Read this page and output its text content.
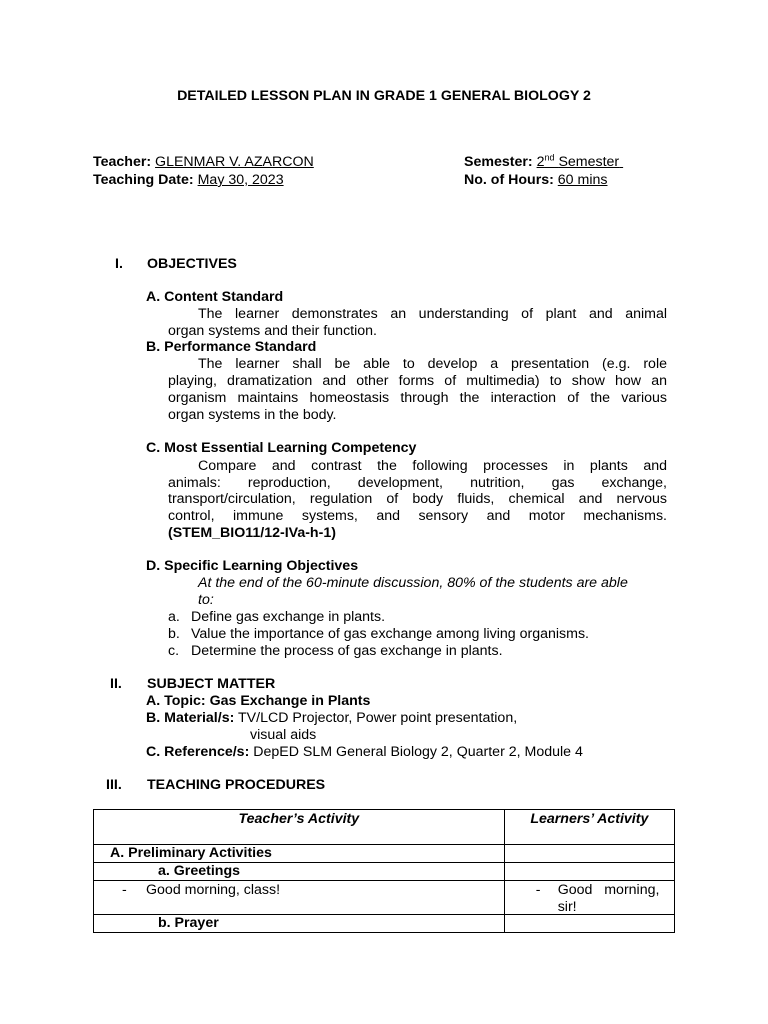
DETAILED LESSON PLAN IN GRADE 1 GENERAL BIOLOGY 2
Teacher: GLENMAR V. AZARCON
Teaching Date: May 30, 2023
Semester: 2nd Semester
No. of Hours: 60 mins
I. OBJECTIVES
A. Content Standard
The learner demonstrates an understanding of plant and animal
organ systems and their function.
B. Performance Standard
The learner shall be able to develop a presentation (e.g. role
playing, dramatization and other forms of multimedia) to show how an
organism maintains homeostasis through the interaction of the various
organ systems in the body.
C. Most Essential Learning Competency
Compare and contrast the following processes in plants and
animals: reproduction, development, nutrition, gas exchange,
transport/circulation, regulation of body fluids, chemical and nervous
control, immune systems, and sensory and motor mechanisms.
(STEM_BIO11/12-IVa-h-1)
D. Specific Learning Objectives
At the end of the 60-minute discussion, 80% of the students are able
to:
a. Define gas exchange in plants.
b. Value the importance of gas exchange among living organisms.
c. Determine the process of gas exchange in plants.
II. SUBJECT MATTER
A. Topic: Gas Exchange in Plants
B. Material/s: TV/LCD Projector, Power point presentation,
visual aids
C. Reference/s: DepED SLM General Biology 2, Quarter 2, Module 4
III. TEACHING PROCEDURES
Teacher’s Activity	Learners’ Activity
A. Preliminary Activities	
a. Greetings	

- Good morning, class!	- Good   morning,
sir!

b. Prayer	
